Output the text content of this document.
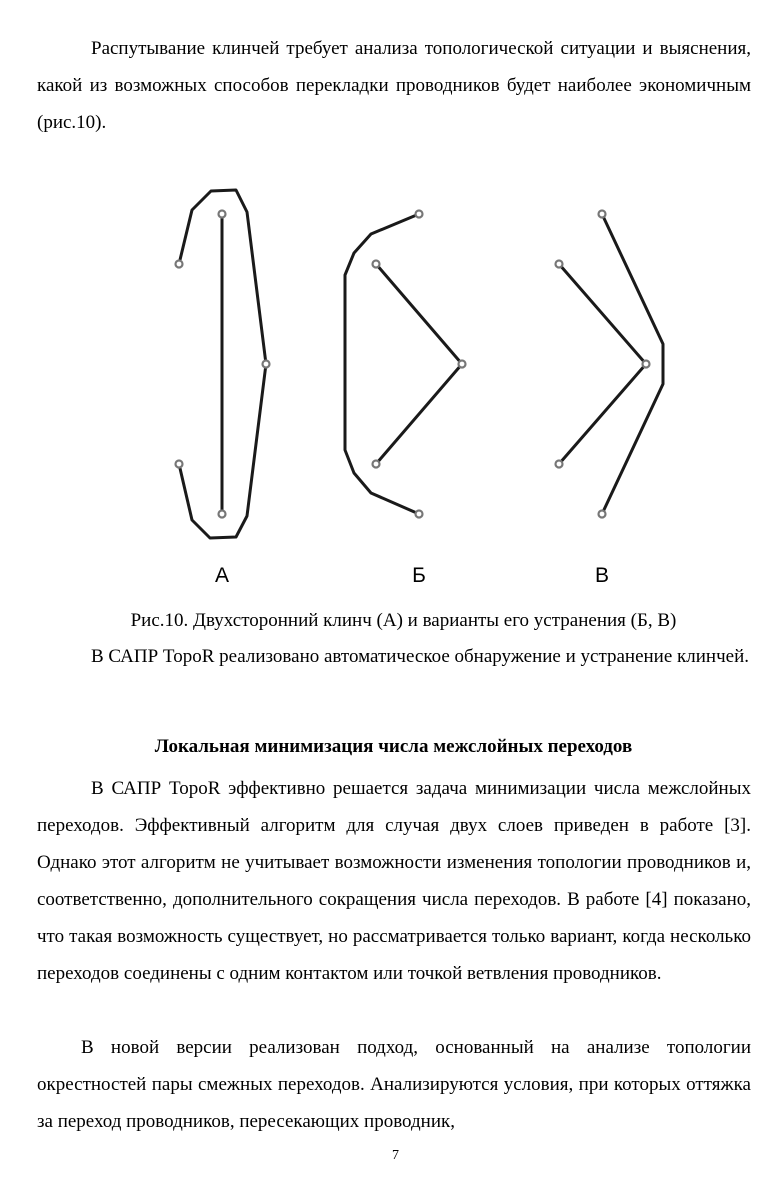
Распутывание клинчей требует анализа топологической ситуации и выяснения, какой из возможных способов перекладки проводников будет наиболее экономичным (рис.10).

А	Б	В
Рис.10. Двухсторонний клинч (А) и варианты его устранения (Б, В)

В САПР TopoR реализовано автоматическое обнаружение и устранение клинчей.

Локальная минимизация числа межслойных переходов

В САПР TopoR эффективно решается задача минимизации числа межслойных переходов. Эффективный алгоритм для случая двух слоев приведен в работе [3]. Однако этот алгоритм не учитывает возможности изменения топологии проводников и, соответственно, дополнительного сокращения числа переходов. В работе [4] показано, что такая возможность существует, но рассматривается только вариант, когда несколько переходов соединены с одним контактом или точкой ветвления проводников.

В новой версии реализован подход, основанный на анализе топологии окрестностей пары смежных переходов. Анализируются условия, при которых оттяжка за переход проводников, пересекающих проводник,

7
